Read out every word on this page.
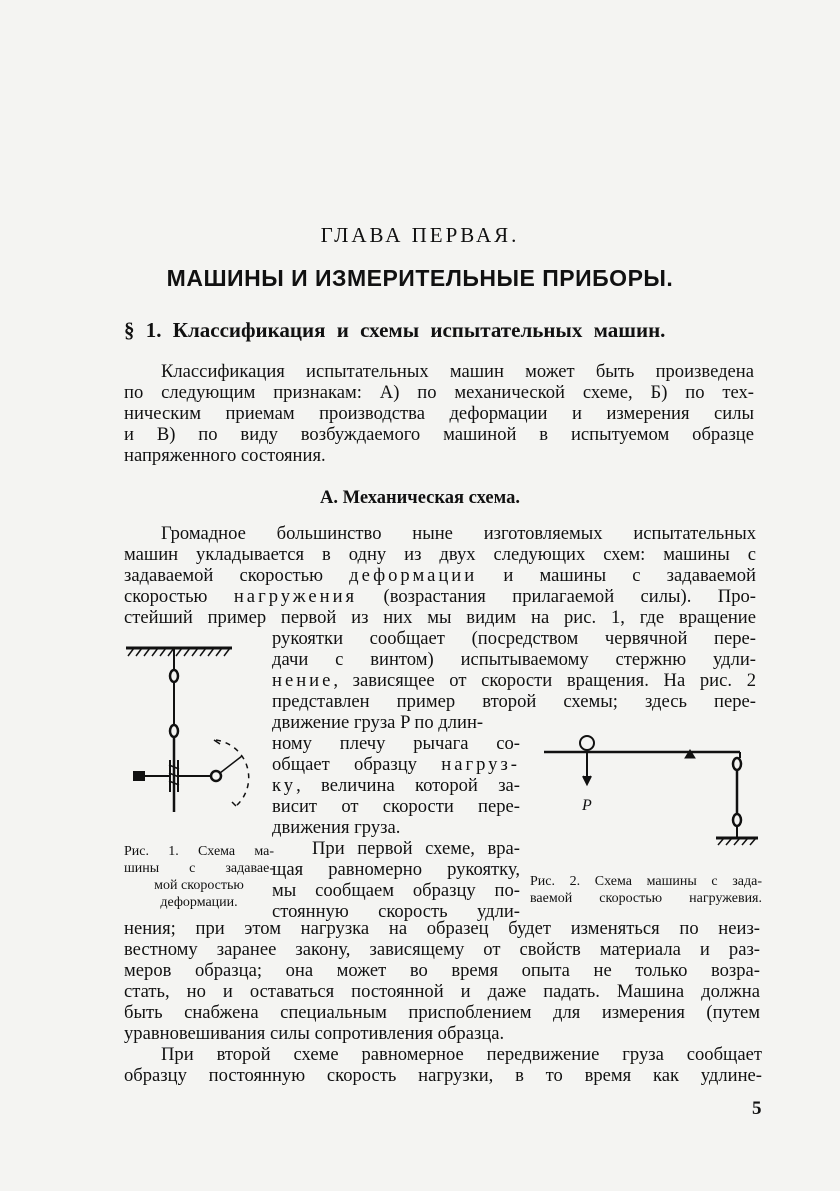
ГЛАВА ПЕРВАЯ.
МАШИНЫ И ИЗМЕРИТЕЛЬНЫЕ ПРИБОРЫ.
§ 1. Классификация и схемы испытательных машин.
Классификация испытательных машин может быть произведена
по следующим признакам: А) по механической схеме, Б) по тех-
ническим приемам производства деформации и измерения силы
и В) по виду возбуждаемого машиной в испытуемом образце
напряженного состояния.
А. Механическая схема.
Громадное большинство ныне изготовляемых испытательных
машин укладывается в одну из двух следующих схем: машины с
задаваемой скоростью деформации и машины с задаваемой
скоростью нагружения (возрастания прилагаемой силы). Про-
стейший пример первой из них мы видим на рис. 1, где вращение
рукоятки сообщает (посредством червячной пере-
дачи с винтом) испытываемому стержню удли-
нение, зависящее от скорости вращения. На рис. 2
представлен пример второй схемы; здесь пере-
движение груза P по длин-
ному плечу рычага со-
общает образцу нагруз-
ку, величина которой за-
висит от скорости пере-
движения груза.
При первой схеме, вра-
щая равномерно рукоятку,
мы сообщаем образцу по-
стоянную скорость удли-
Рис. 1. Схема ма-
шины с задавае-
мой скоростью
деформации.
P
Рис. 2. Схема машины с зада-
ваемой скоростью нагружевия.
нения; при этом нагрузка на образец будет изменяться по неиз-
вестному заранее закону, зависящему от свойств материала и раз-
меров образца; она может во время опыта не только возра-
стать, но и оставаться постоянной и даже падать. Машина должна
быть снабжена специальным приспоблением для измерения (путем
уравновешивания силы сопротивления образца.
При второй схеме равномерное передвижение груза сообщает
образцу постоянную скорость нагрузки, в то время как удлине-
5
